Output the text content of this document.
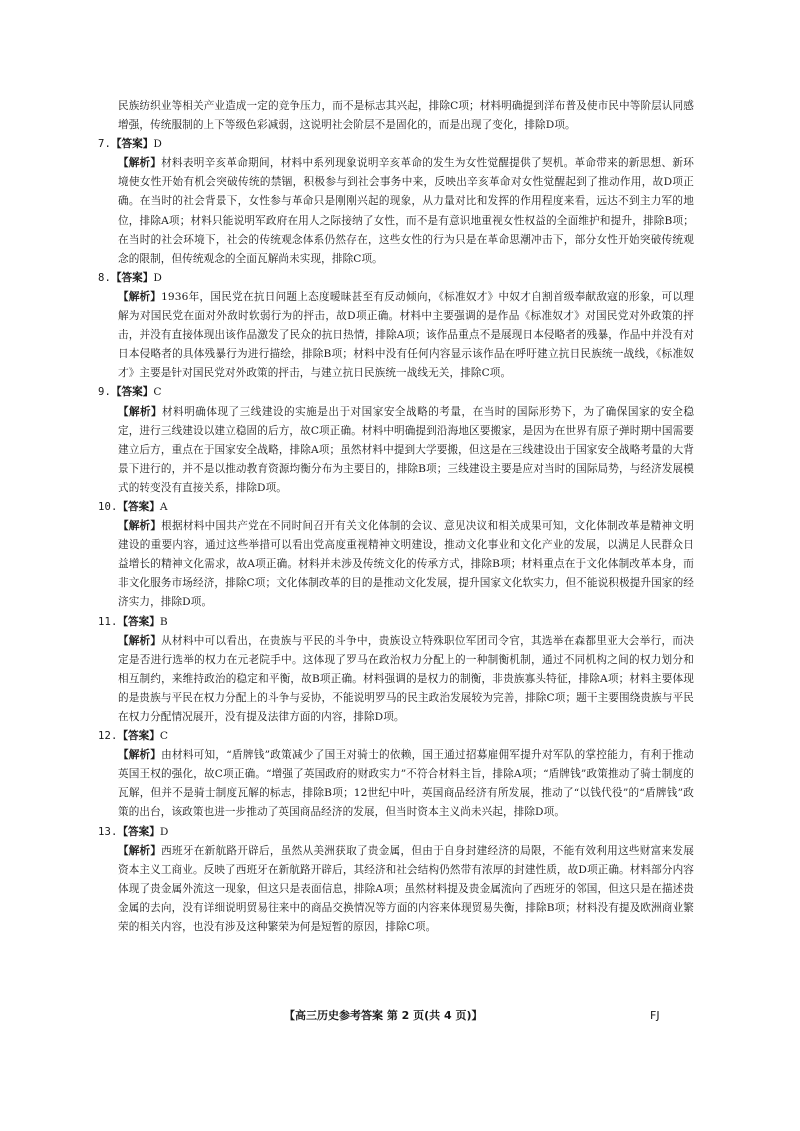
民族纺织业等相关产业造成一定的竞争压力，而不是标志其兴起，排除C项；材料明确提到洋布普及使市民中等阶层认同感增强，传统服制的上下等级色彩减弱，这说明社会阶层不是固化的，而是出现了变化，排除D项。
7.【答案】D
【解析】材料表明辛亥革命期间，材料中系列现象说明辛亥革命的发生为女性觉醒提供了契机。革命带来的新思想、新环境使女性开始有机会突破传统的禁锢，积极参与到社会事务中来，反映出辛亥革命对女性觉醒起到了推动作用，故D项正确。在当时的社会背景下，女性参与革命只是刚刚兴起的现象，从力量对比和发挥的作用程度来看，远达不到主力军的地位，排除A项；材料只能说明军政府在用人之际接纳了女性，而不是有意识地重视女性权益的全面维护和提升，排除B项；在当时的社会环境下，社会的传统观念体系仍然存在，这些女性的行为只是在革命思潮冲击下，部分女性开始突破传统观念的限制，但传统观念的全面瓦解尚未实现，排除C项。
8.【答案】D
【解析】1936年，国民党在抗日问题上态度暧昧甚至有反动倾向，《标准奴才》中奴才自割首级奉献敌寇的形象，可以理解为对国民党在面对外敌时软弱行为的抨击，故D项正确。材料中主要强调的是作品《标准奴才》对国民党对外政策的抨击，并没有直接体现出该作品激发了民众的抗日热情，排除A项；该作品重点不是展现日本侵略者的残暴，作品中并没有对日本侵略者的具体残暴行为进行描绘，排除B项；材料中没有任何内容显示该作品在呼吁建立抗日民族统一战线，《标准奴才》主要是针对国民党对外政策的抨击，与建立抗日民族统一战线无关，排除C项。
9.【答案】C
【解析】材料明确体现了三线建设的实施是出于对国家安全战略的考量，在当时的国际形势下，为了确保国家的安全稳定，进行三线建设以建立稳固的后方，故C项正确。材料中明确提到沿海地区要搬家，是因为在世界有原子弹时期中国需要建立后方，重点在于国家安全战略，排除A项；虽然材料中提到大学要搬，但这是在三线建设出于国家安全战略考量的大背景下进行的，并不是以推动教育资源均衡分布为主要目的，排除B项；三线建设主要是应对当时的国际局势，与经济发展模式的转变没有直接关系，排除D项。
10.【答案】A
【解析】根据材料中国共产党在不同时间召开有关文化体制的会议、意见决议和相关成果可知，文化体制改革是精神文明建设的重要内容，通过这些举措可以看出党高度重视精神文明建设，推动文化事业和文化产业的发展，以满足人民群众日益增长的精神文化需求，故A项正确。材料并未涉及传统文化的传承方式，排除B项；材料重点在于文化体制改革本身，而非文化服务市场经济，排除C项；文化体制改革的目的是推动文化发展，提升国家文化软实力，但不能说积极提升国家的经济实力，排除D项。
11.【答案】B
【解析】从材料中可以看出，在贵族与平民的斗争中，贵族设立特殊职位军团司令官，其选举在森都里亚大会举行，而决定是否进行选举的权力在元老院手中。这体现了罗马在政治权力分配上的一种制衡机制，通过不同机构之间的权力划分和相互制约，来维持政治的稳定和平衡，故B项正确。材料强调的是权力的制衡，非贵族寡头特征，排除A项；材料主要体现的是贵族与平民在权力分配上的斗争与妥协，不能说明罗马的民主政治发展较为完善，排除C项；题干主要围绕贵族与平民在权力分配情况展开，没有提及法律方面的内容，排除D项。
12.【答案】C
【解析】由材料可知，“盾牌钱”政策减少了国王对骑士的依赖，国王通过招募雇佣军提升对军队的掌控能力，有利于推动英国王权的强化，故C项正确。“增强了英国政府的财政实力”不符合材料主旨，排除A项；“盾牌钱”政策推动了骑士制度的瓦解，但并不是骑士制度瓦解的标志，排除B项；12世纪中叶，英国商品经济有所发展，推动了“以钱代役”的“盾牌钱”政策的出台，该政策也进一步推动了英国商品经济的发展，但当时资本主义尚未兴起，排除D项。
13.【答案】D
【解析】西班牙在新航路开辟后，虽然从美洲获取了贵金属，但由于自身封建经济的局限，不能有效利用这些财富来发展资本主义工商业。反映了西班牙在新航路开辟后，其经济和社会结构仍然带有浓厚的封建性质，故D项正确。材料部分内容体现了贵金属外流这一现象，但这只是表面信息，排除A项；虽然材料提及贵金属流向了西班牙的邻国，但这只是在描述贵金属的去向，没有详细说明贸易往来中的商品交换情况等方面的内容来体现贸易失衡，排除B项；材料没有提及欧洲商业繁荣的相关内容，也没有涉及这种繁荣为何是短暂的原因，排除C项。
【高三历史参考答案 第 2 页(共 4 页)】	FJ
